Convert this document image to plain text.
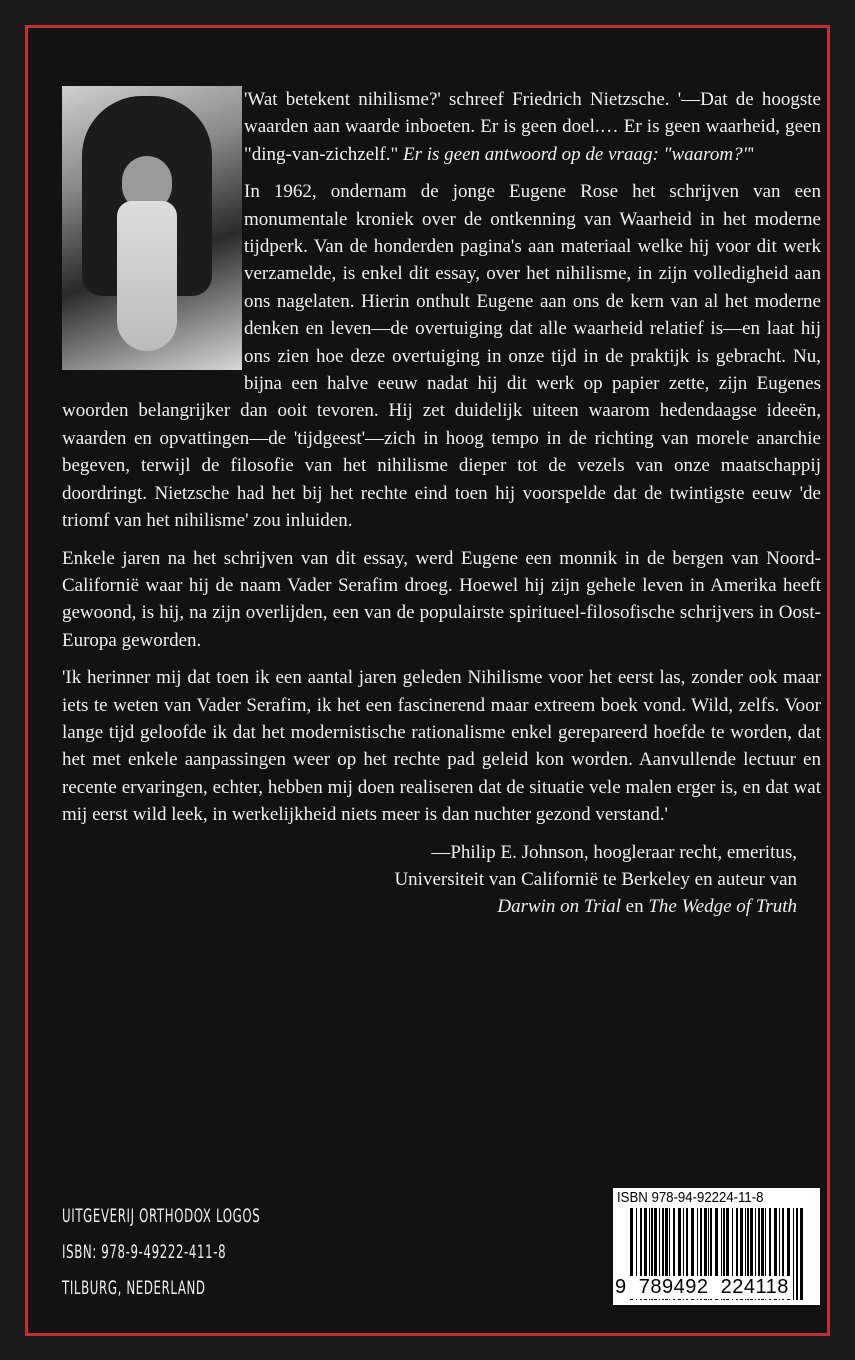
'Wat betekent nihilisme?' schreef Friedrich Nietzsche. '—Dat de hoogste waarden aan waarde inboeten. Er is geen doel.… Er is geen waarheid, geen "ding-van-zichzelf." Er is geen antwoord op de vraag: "waarom?"'

In 1962, ondernam de jonge Eugene Rose het schrijven van een monumentale kroniek over de ontkenning van Waarheid in het moderne tijdperk. Van de honderden pagina's aan materiaal welke hij voor dit werk verzamelde, is enkel dit essay, over het nihilisme, in zijn volledigheid aan ons nagelaten. Hierin onthult Eugene aan ons de kern van al het moderne denken en leven—de overtuiging dat alle waarheid relatief is—en laat hij ons zien hoe deze overtuiging in onze tijd in de praktijk is gebracht. Nu, bijna een halve eeuw nadat hij dit werk op papier zette, zijn Eugenes woorden belangrijker dan ooit tevoren. Hij zet duidelijk uiteen waarom hedendaagse ideeën, waarden en opvattingen—de 'tijdgeest'—zich in hoog tempo in de richting van morele anarchie begeven, terwijl de filosofie van het nihilisme dieper tot de vezels van onze maatschappij doordringt. Nietzsche had het bij het rechte eind toen hij voorspelde dat de twintigste eeuw 'de triomf van het nihilisme' zou inluiden.

Enkele jaren na het schrijven van dit essay, werd Eugene een monnik in de bergen van Noord-Californië waar hij de naam Vader Serafim droeg. Hoewel hij zijn gehele leven in Amerika heeft gewoond, is hij, na zijn overlijden, een van de populairste spiritueel-filosofische schrijvers in Oost-Europa geworden.

'Ik herinner mij dat toen ik een aantal jaren geleden Nihilisme voor het eerst las, zonder ook maar iets te weten van Vader Serafim, ik het een fascinerend maar extreem boek vond. Wild, zelfs. Voor lange tijd geloofde ik dat het modernistische rationalisme enkel gerepareerd hoefde te worden, dat het met enkele aanpassingen weer op het rechte pad geleid kon worden. Aanvullende lectuur en recente ervaringen, echter, hebben mij doen realiseren dat de situatie vele malen erger is, en dat wat mij eerst wild leek, in werkelijkheid niets meer is dan nuchter gezond verstand.'

—Philip E. Johnson, hoogleraar recht, emeritus,
Universiteit van Californië te Berkeley en auteur van
Darwin on Trial en The Wedge of Truth
UITGEVERIJ ORTHODOX LOGOS
ISBN: 978-9-49222-411-8
TILBURG, NEDERLAND
ISBN 978-94-92224-11-8
9  789492  224118
